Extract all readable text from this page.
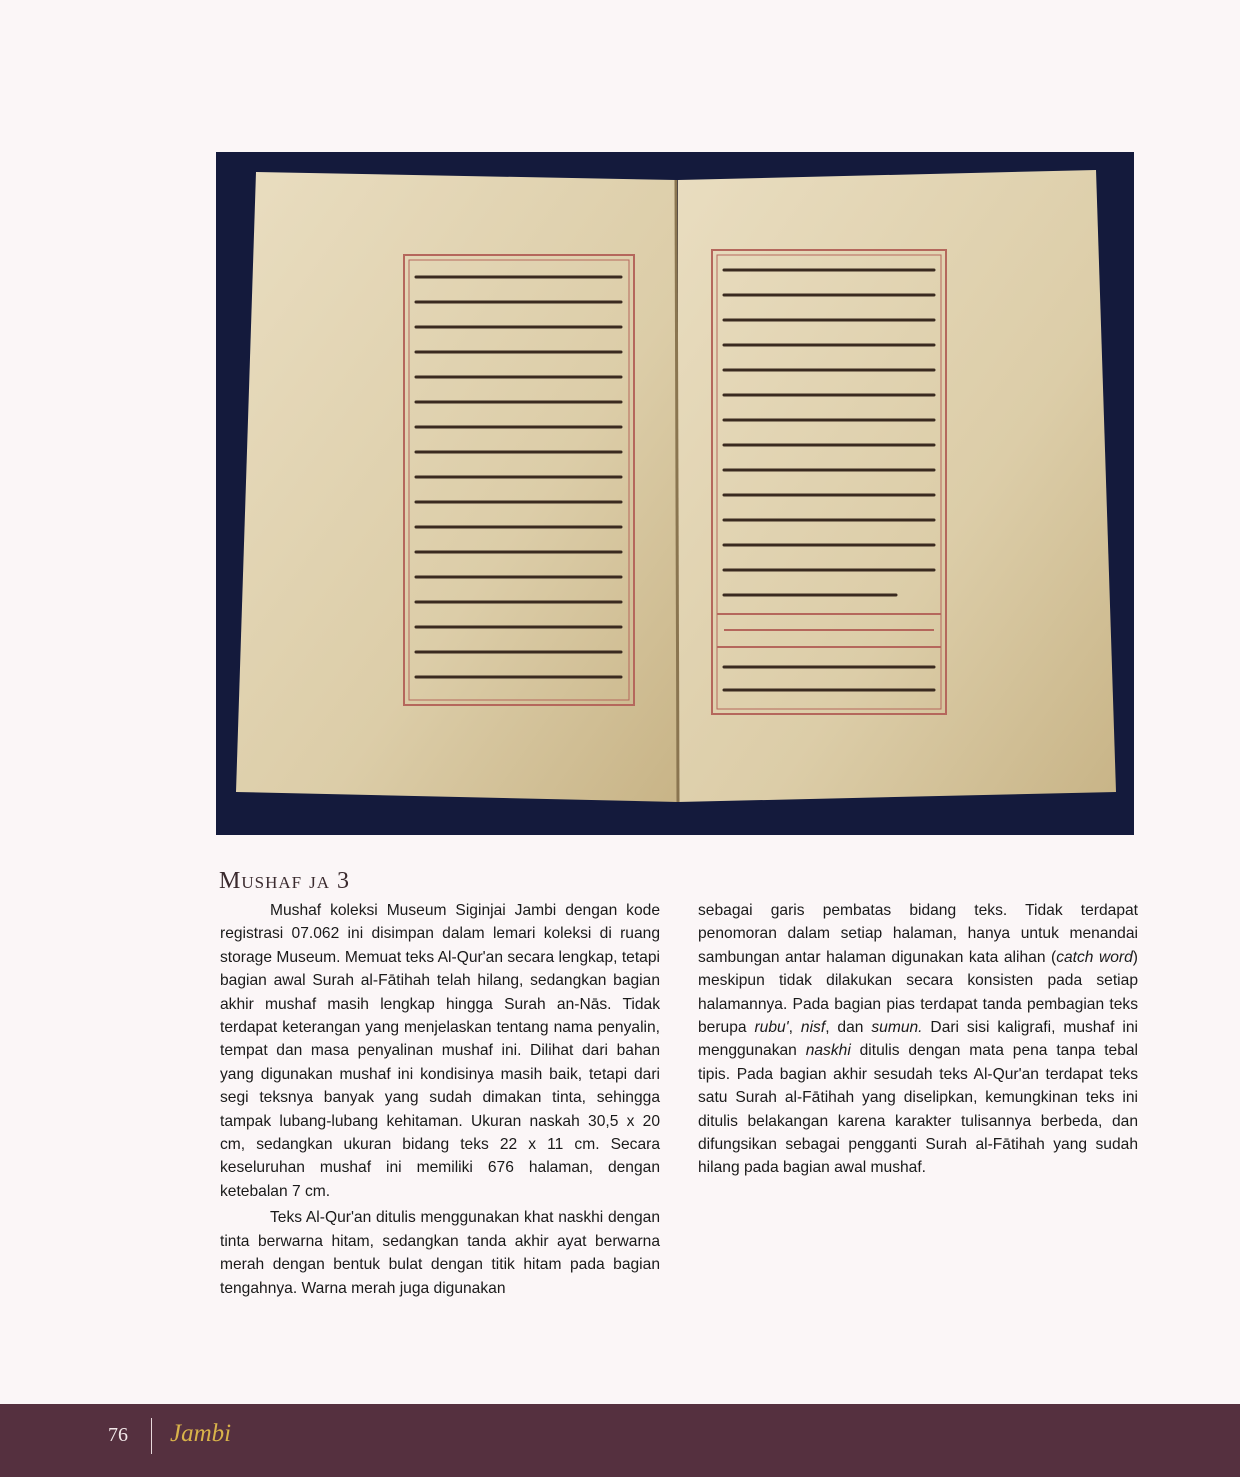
Mushaf ja 3

Mushaf koleksi Museum Siginjai Jambi dengan kode registrasi 07.062 ini disimpan dalam lemari koleksi di ruang storage Museum. Memuat teks Al-Qur'an secara lengkap, tetapi bagian awal Surah al-Fātihah telah hilang, sedangkan bagian akhir mushaf masih lengkap hingga Surah an-Nās. Tidak terdapat keterangan yang menjelaskan tentang nama penyalin, tempat dan masa penyalinan mushaf ini. Dilihat dari bahan yang digunakan mushaf ini kondisinya masih baik, tetapi dari segi teksnya banyak yang sudah dimakan tinta, sehingga tampak lubang-lubang kehitaman. Ukuran naskah 30,5 x 20 cm, sedangkan ukuran bidang teks 22 x 11 cm. Secara keseluruhan mushaf ini memiliki 676 halaman, dengan ketebalan 7 cm.

Teks Al-Qur'an ditulis menggunakan khat naskhi dengan tinta berwarna hitam, sedangkan tanda akhir ayat berwarna merah dengan bentuk bulat dengan titik hitam pada bagian tengahnya. Warna merah juga digunakan

sebagai garis pembatas bidang teks. Tidak terdapat penomoran dalam setiap halaman, hanya untuk menandai sambungan antar halaman digunakan kata alihan (catch word) meskipun tidak dilakukan secara konsisten pada setiap halamannya. Pada bagian pias terdapat tanda pembagian teks berupa rubu', nisf, dan sumun. Dari sisi kaligrafi, mushaf ini menggunakan naskhi ditulis dengan mata pena tanpa tebal tipis. Pada bagian akhir sesudah teks Al-Qur'an terdapat teks satu Surah al-Fātihah yang diselipkan, kemungkinan teks ini ditulis belakangan karena karakter tulisannya berbeda, dan difungsikan sebagai pengganti Surah al-Fātihah yang sudah hilang pada bagian awal mushaf.

76 Jambi
